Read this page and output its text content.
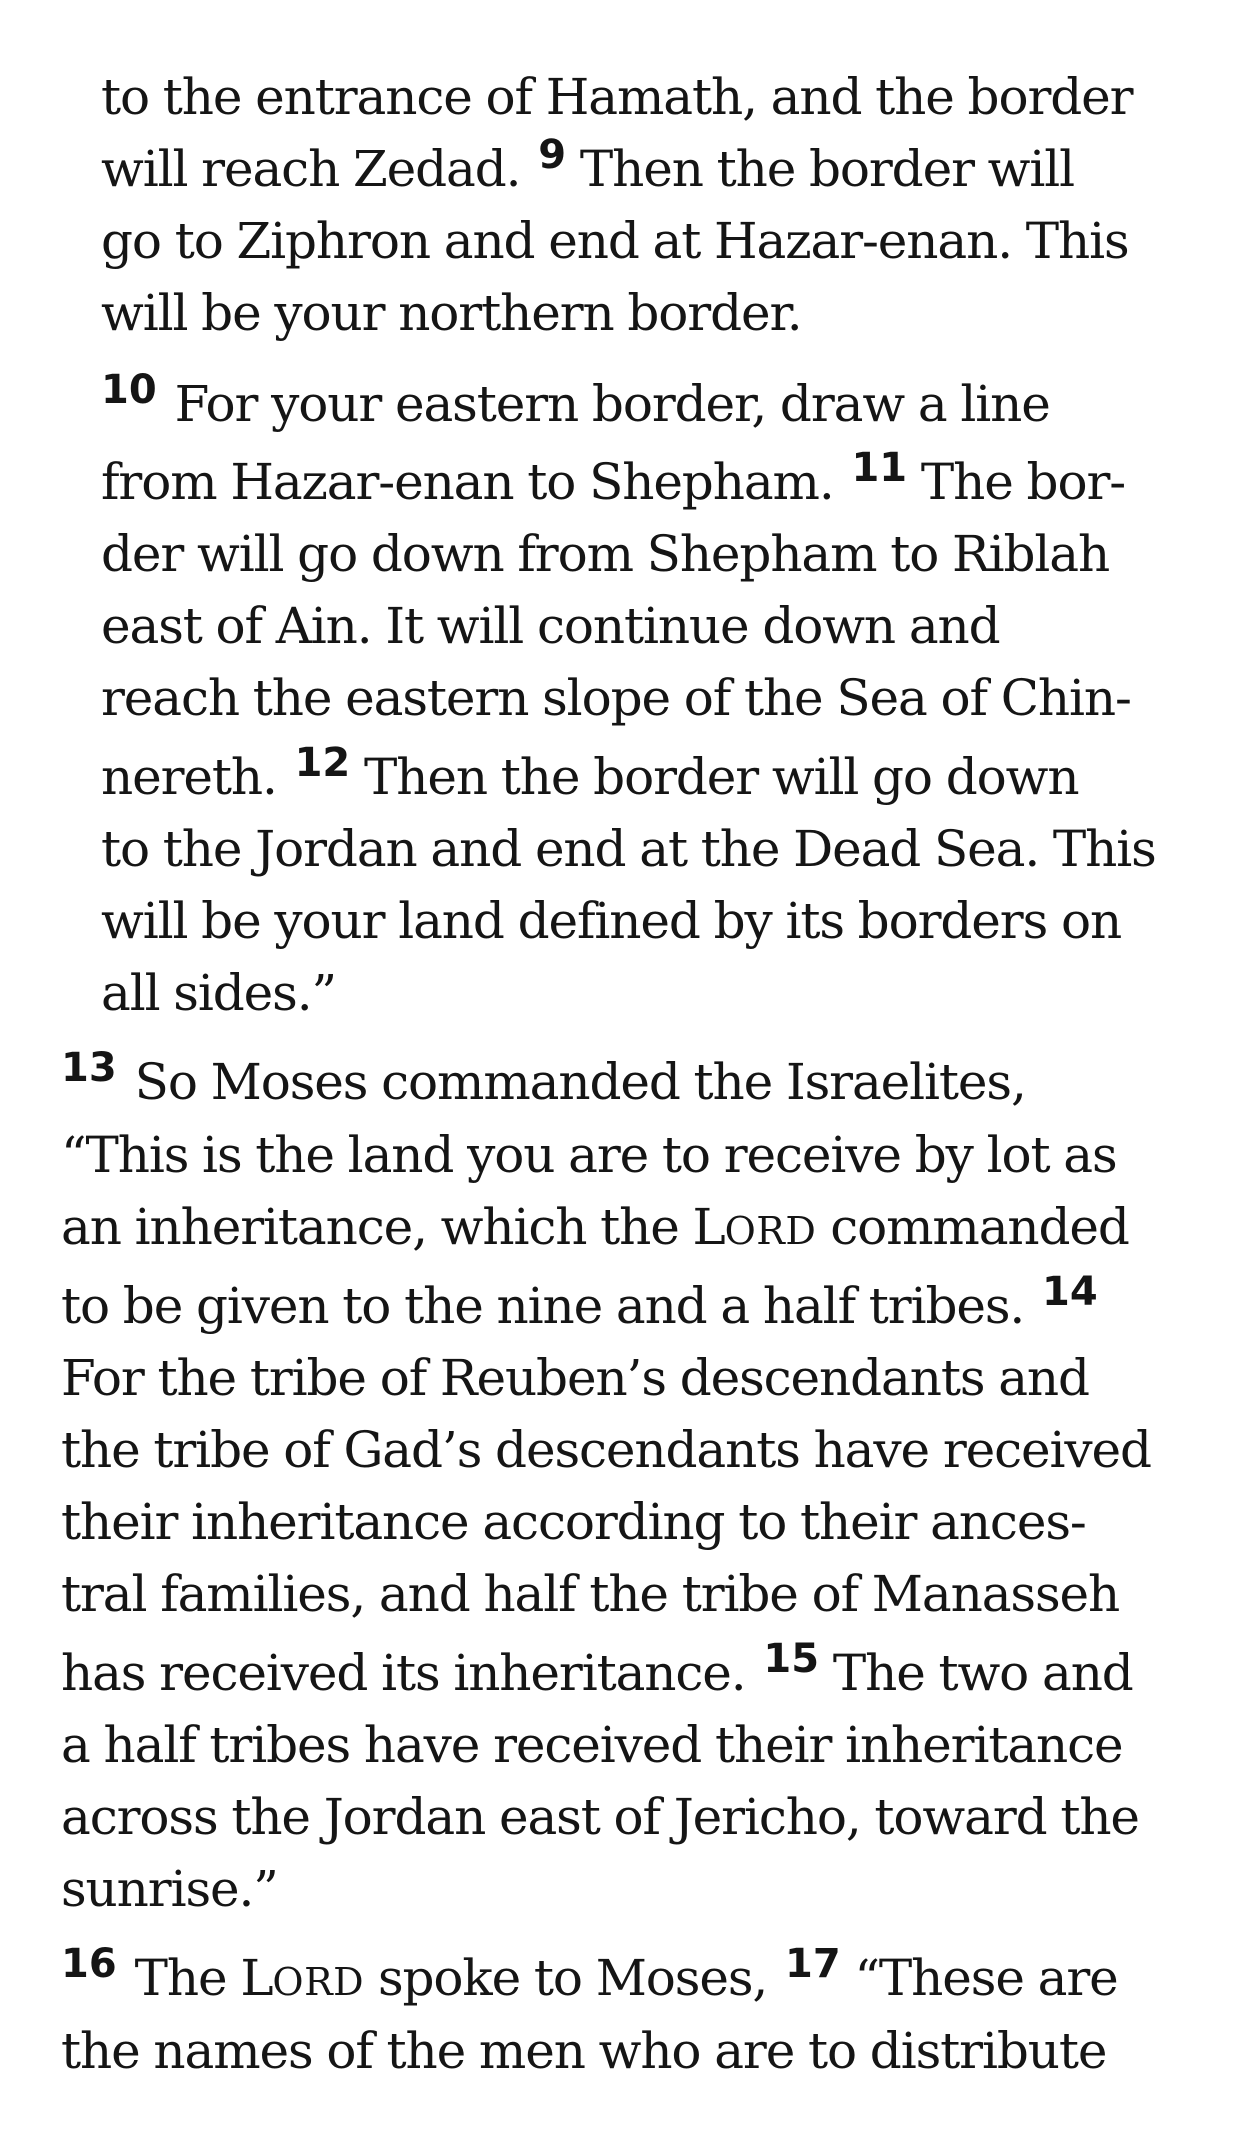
to the entrance of Hamath, and the border
will reach Zedad. $^9$ Then the border will
go to Ziphron and end at Hazar-enan. This
will be your northern border.
$^{10}$ For your eastern border, draw a line
from Hazar-enan to Shepham. $^{11}$ The bor-
der will go down from Shepham to Riblah
east of Ain. It will continue down and
reach the eastern slope of the Sea of Chin-
nereth. $^{12}$ Then the border will go down
to the Jordan and end at the Dead Sea. This
will be your land defined by its borders on
all sides.”
$^{13}$ So Moses commanded the Israelites,
“This is the land you are to receive by lot as
an inheritance, which the LORD commanded
to be given to the nine and a half tribes. $^{14}$
For the tribe of Reuben’s descendants and
the tribe of Gad’s descendants have received
their inheritance according to their ances-
tral families, and half the tribe of Manasseh
has received its inheritance. $^{15}$ The two and
a half tribes have received their inheritance
across the Jordan east of Jericho, toward the
sunrise.”
$^{16}$ The LORD spoke to Moses, $^{17}$ “These are
the names of the men who are to distribute
